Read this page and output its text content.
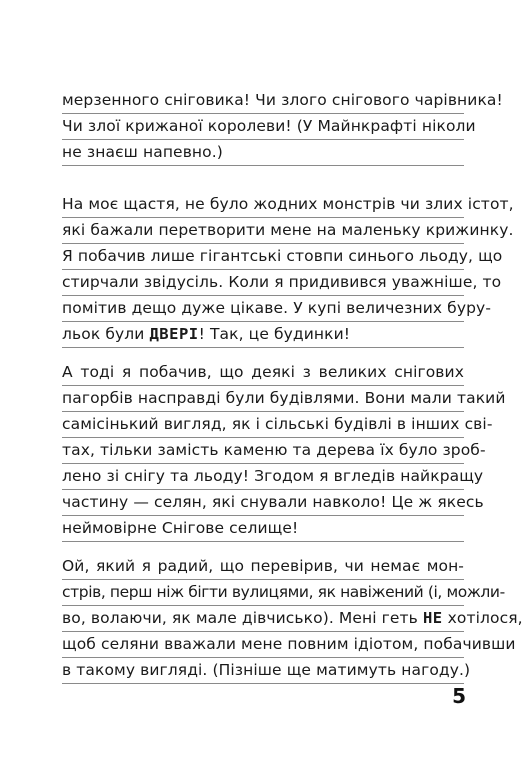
мерзенного сніговика! Чи злого снігового чарівника!
Чи злої крижаної королеви! (У Майнкрафті ніколи
не знаєш напевно.)
На моє щастя, не було жодних монстрів чи злих істот,
які бажали перетворити мене на маленьку крижинку.
Я побачив лише гігантські стовпи синього льоду, що
стирчали звідусіль. Коли я придивився уважніше, то
помітив дещо дуже цікаве. У купі величезних буру-
льок були ДВЕРІ! Так, це будинки!
А тоді я побачив, що деякі з великих снігових
пагорбів насправді були будівлями. Вони мали такий
самісінький вигляд, як і сільські будівлі в інших сві-
тах, тільки замість каменю та дерева їх було зроб-
лено зі снігу та льоду! Згодом я вгледів найкращу
частину — селян, які снували навколо! Це ж якесь
неймовірне Снігове селище!
Ой, який я радий, що перевірив, чи немає мон-
стрів, перш ніж бігти вулицями, як навіжений (і, можли-
во, волаючи, як мале дівчисько). Мені геть НЕ хотілося,
щоб селяни вважали мене повним ідіотом, побачивши
в такому вигляді. (Пізніше ще матимуть нагоду.)
5
